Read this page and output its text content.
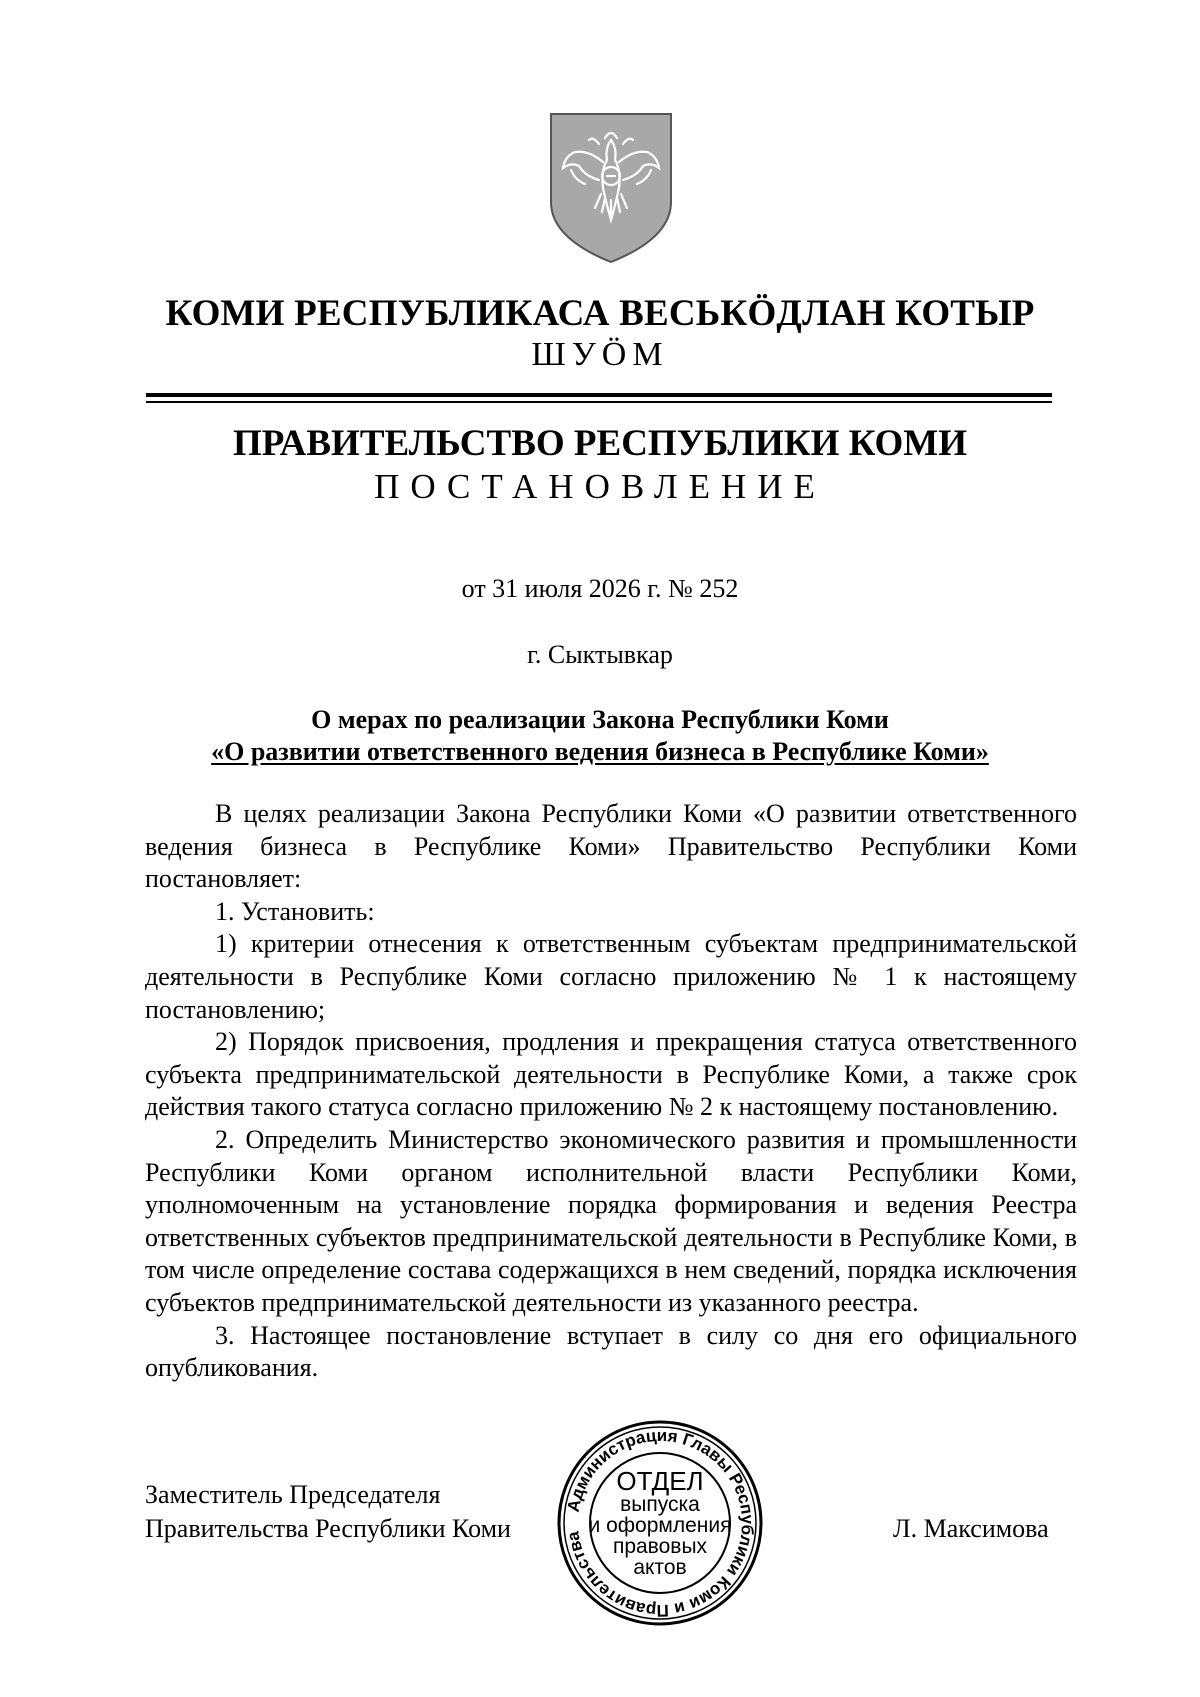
КОМИ РЕСПУБЛИКАСА ВЕСЬКӦДЛАН КОТЫР
ШУӦМ
ПРАВИТЕЛЬСТВО РЕСПУБЛИКИ КОМИ
ПОСТАНОВЛЕНИЕ
от 31 июля 2026 г. № 252
г. Сыктывкар
О мерах по реализации Закона Республики Коми
«О развитии ответственного ведения бизнеса в Республике Коми»

В целях реализации Закона Республики Коми «О развитии ответственного ведения бизнеса в Республике Коми» Правительство Республики Коми постановляет:

1. Установить:

1) критерии отнесения к ответственным субъектам предпринимательской деятельности в Республике Коми согласно приложению № 1 к настоящему постановлению;

2) Порядок присвоения, продления и прекращения статуса ответственного субъекта предпринимательской деятельности в Республике Коми, а также срок действия такого статуса согласно приложению № 2 к настоящему постановлению.

2. Определить Министерство экономического развития и промышленности Республики Коми органом исполнительной власти Республики Коми, уполномоченным на установление порядка формирования и ведения Реестра ответственных субъектов предпринимательской деятельности в Республике Коми, в том числе определение состава содержащихся в нем сведений, порядка исключения субъектов предпринимательской деятельности из указанного реестра.

3. Настоящее постановление вступает в силу со дня его официального опубликования.

Заместитель Председателя
Правительства Республики Коми	Л. Максимова
Администрация Главы Республики Коми и Правительства
ОТДЕЛ
выпуска
и оформления
правовых
актов
